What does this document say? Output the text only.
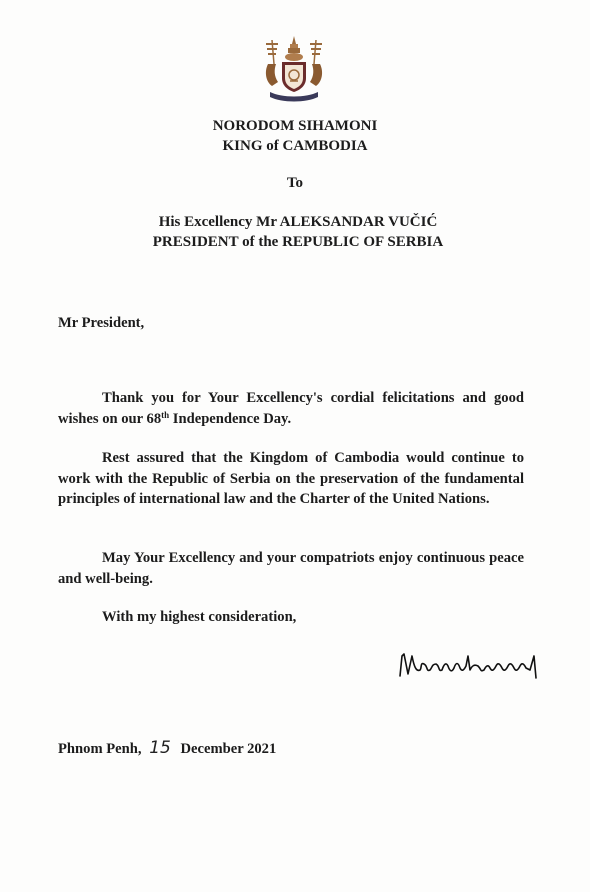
NORODOM SIHAMONI
KING of CAMBODIA
To
His Excellency Mr ALEKSANDAR VUČIĆ
PRESIDENT of the REPUBLIC OF SERBIA
Mr President,
Thank you for Your Excellency's cordial felicitations and good wishes on our 68th Independence Day.
Rest assured that the Kingdom of Cambodia would continue to work with the Republic of Serbia on the preservation of the fundamental principles of international law and the Charter of the United Nations.
May Your Excellency and your compatriots enjoy continuous peace and well-being.
With my highest consideration,
Phnom Penh, 15 December 2021
